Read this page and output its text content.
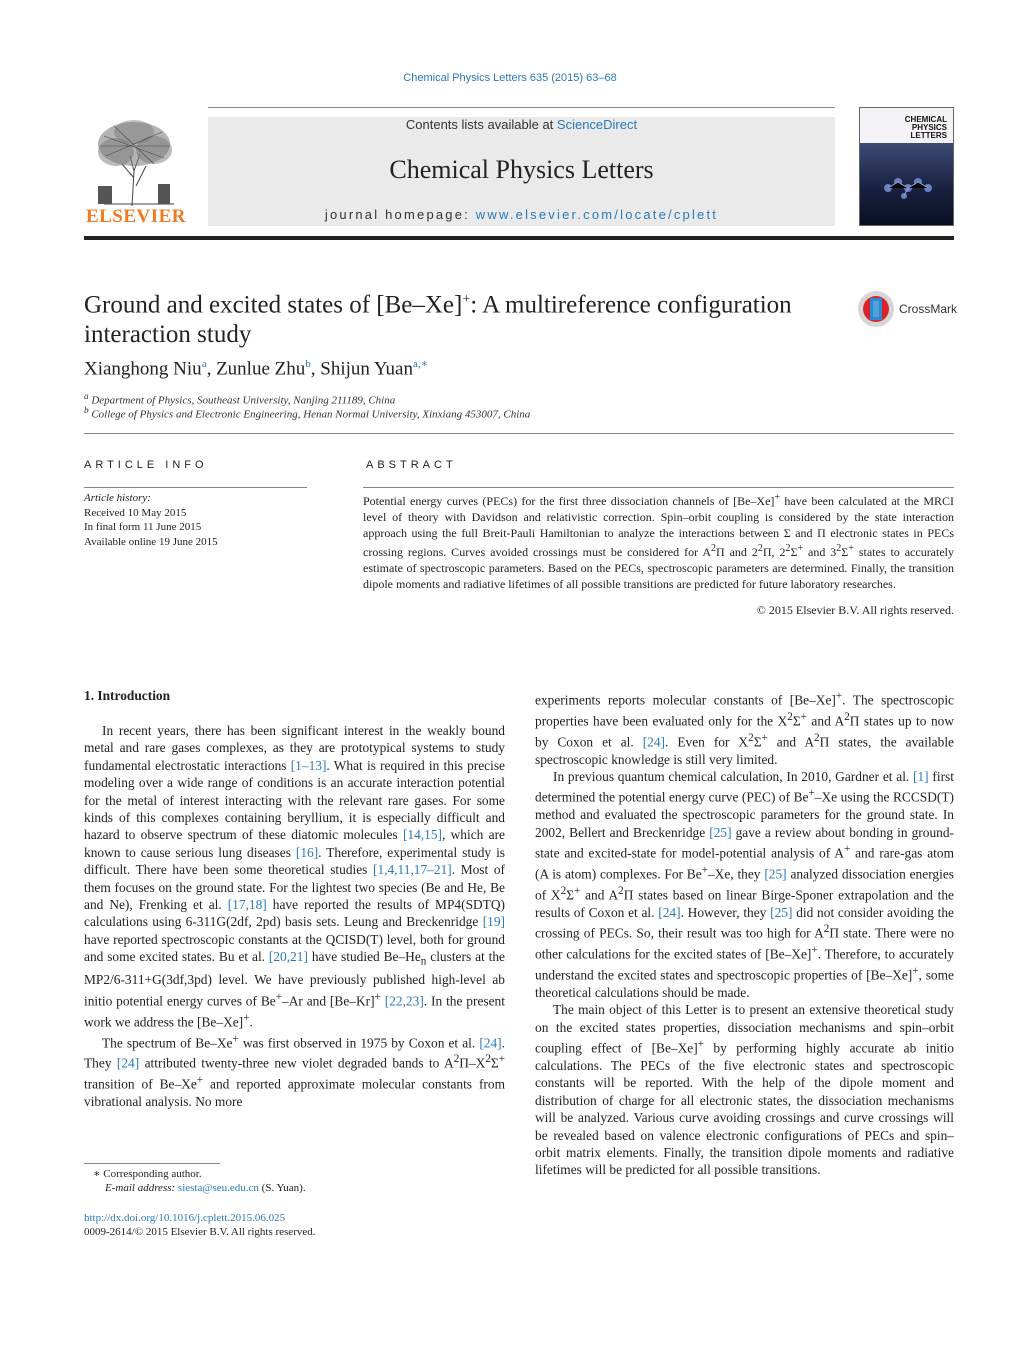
Chemical Physics Letters 635 (2015) 63–68
ELSEVIER
Contents lists available at ScienceDirect
Chemical Physics Letters
journal homepage: www.elsevier.com/locate/cplett
CHEMICAL
PHYSICS
LETTERS
Ground and excited states of [Be–Xe]+: A multireference configuration interaction study
CrossMark
Xianghong Niu$^a$, Zunlue Zhu$^b$, Shijun Yuan$^{a,∗}$
$^a$ Department of Physics, Southeast University, Nanjing 211189, China
$^b$ College of Physics and Electronic Engineering, Henan Normal University, Xinxiang 453007, China
ARTICLE INFO	ABSTRACT
Article history:
Received 10 May 2015
In final form 11 June 2015
Available online 19 June 2015
Potential energy curves (PECs) for the first three dissociation channels of [Be–Xe]+ have been calculated at the MRCI level of theory with Davidson and relativistic correction. Spin–orbit coupling is considered by the state interaction approach using the full Breit-Pauli Hamiltonian to analyze the interactions between Σ and Π electronic states in PECs crossing regions. Curves avoided crossings must be considered for $A^2\Pi$ and $2^2\Pi$, $2^2\Sigma^+$ and $3^2\Sigma^+$ states to accurately estimate of spectroscopic parameters. Based on the PECs, spectroscopic parameters are determined. Finally, the transition dipole moments and radiative lifetimes of all possible transitions are predicted for future laboratory researches.
© 2015 Elsevier B.V. All rights reserved.
1. Introduction

In recent years, there has been significant interest in the weakly bound metal and rare gases complexes, as they are prototypical systems to study fundamental electrostatic interactions [1–13]. What is required in this precise modeling over a wide range of conditions is an accurate interaction potential for the metal of interest interacting with the relevant rare gases. For some kinds of this complexes containing beryllium, it is especially difficult and hazard to observe spectrum of these diatomic molecules [14,15], which are known to cause serious lung diseases [16]. Therefore, experimental study is difficult. There have been some theoretical studies [1,4,11,17–21]. Most of them focuses on the ground state. For the lightest two species (Be and He, Be and Ne), Frenking et al. [17,18] have reported the results of MP4(SDTQ) calculations using 6-311G(2df, 2pd) basis sets. Leung and Breckenridge [19] have reported spectroscopic constants at the QCISD(T) level, both for ground and some excited states. Bu et al. [20,21] have studied $Be-He_n$ clusters at the MP2/6-311+G(3df,3pd) level. We have previously published high-level ab initio potential energy curves of Be+–Ar and [Be–Kr]+ [22,23]. In the present work we address the [Be–Xe]+.

The spectrum of Be–Xe+ was first observed in 1975 by Coxon et al. [24]. They [24] attributed twenty-three new violet degraded bands to $A^2\Pi-X^2\Sigma^+$ transition of Be–Xe+ and reported approximate molecular constants from vibrational analysis. No more

experiments reports molecular constants of [Be–Xe]+. The spectroscopic properties have been evaluated only for the $X^2\Sigma^+$ and $A^2\Pi$ states up to now by Coxon et al. [24]. Even for $X^2\Sigma^+$ and $A^2\Pi$ states, the available spectroscopic knowledge is still very limited.

In previous quantum chemical calculation, In 2010, Gardner et al. [1] first determined the potential energy curve (PEC) of Be+–Xe using the RCCSD(T) method and evaluated the spectroscopic parameters for the ground state. In 2002, Bellert and Breckenridge [25] gave a review about bonding in ground-state and excited-state for model-potential analysis of A+ and rare-gas atom (A is atom) complexes. For Be+–Xe, they [25] analyzed dissociation energies of $X^2\Sigma^+$ and $A^2\Pi$ states based on linear Birge-Sponer extrapolation and the results of Coxon et al. [24]. However, they [25] did not consider avoiding the crossing of PECs. So, their result was too high for $A^2\Pi$ state. There were no other calculations for the excited states of [Be–Xe]+. Therefore, to accurately understand the excited states and spectroscopic properties of [Be–Xe]+, some theoretical calculations should be made.

The main object of this Letter is to present an extensive theoretical study on the excited states properties, dissociation mechanisms and spin–orbit coupling effect of [Be–Xe]+ by performing highly accurate ab initio calculations. The PECs of the five electronic states and spectroscopic constants will be reported. With the help of the dipole moment and distribution of charge for all electronic states, the dissociation mechanisms will be analyzed. Various curve avoiding crossings and curve crossings will be revealed based on valence electronic configurations of PECs and spin–orbit matrix elements. Finally, the transition dipole moments and radiative lifetimes will be predicted for all possible transitions.

∗ Corresponding author.
E-mail address: siesta@seu.edu.cn (S. Yuan).
http://dx.doi.org/10.1016/j.cplett.2015.06.025
0009-2614/© 2015 Elsevier B.V. All rights reserved.
